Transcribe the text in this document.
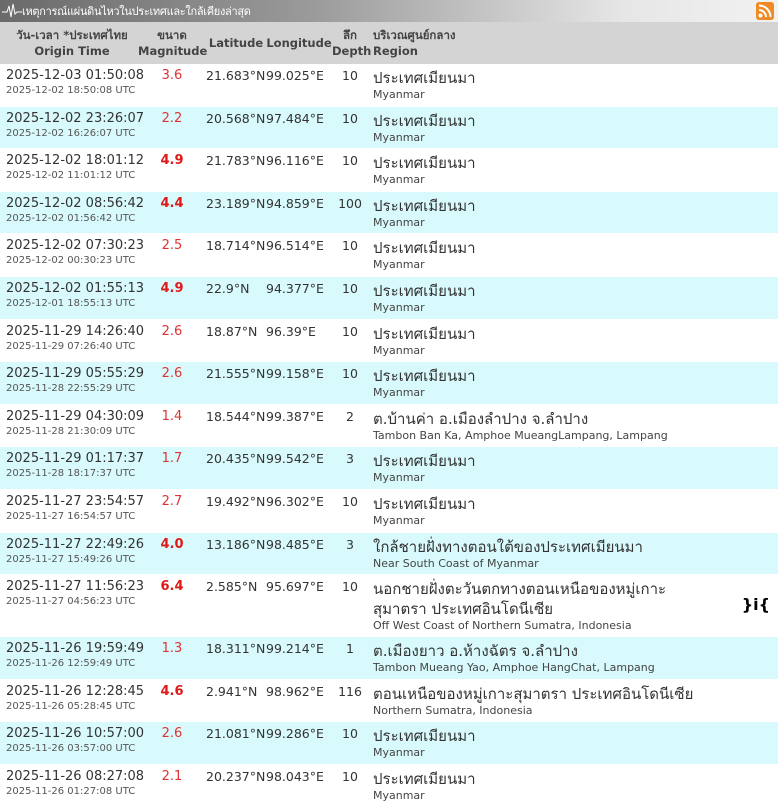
เหตุการณ์แผ่นดินไหวในประเทศและใกล้เคียงล่าสุด
วัน-เวลา *ประเทศไทย
Origin Time
ขนาด
Magnitude
Latitude Longitude
ลึก
Depth
บริเวณศูนย์กลาง
Region
2025-12-03 01:50:08
2025-12-02 18:50:08 UTC
3.6	21.683°N 99.025°E	10	ประเทศเมียนมา
Myanmar
2025-12-02 23:26:07
2025-12-02 16:26:07 UTC
2.2	20.568°N 97.484°E	10	ประเทศเมียนมา
Myanmar
2025-12-02 18:01:12
2025-12-02 11:01:12 UTC
4.9	21.783°N 96.116°E	10	ประเทศเมียนมา
Myanmar
2025-12-02 08:56:42
2025-12-02 01:56:42 UTC
4.4	23.189°N 94.859°E	100 ประเทศเมียนมา
Myanmar
2025-12-02 07:30:23
2025-12-02 00:30:23 UTC
2.5	18.714°N 96.514°E	10	ประเทศเมียนมา
Myanmar
2025-12-02 01:55:13
2025-12-01 18:55:13 UTC
4.9	22.9°N	94.377°E	10	ประเทศเมียนมา
Myanmar
2025-11-29 14:26:40
2025-11-29 07:26:40 UTC
2.6	18.87°N 96.39°E	10	ประเทศเมียนมา
Myanmar
2025-11-29 05:55:29
2025-11-28 22:55:29 UTC
2.6	21.555°N 99.158°E	10	ประเทศเมียนมา
Myanmar
2025-11-29 04:30:09
2025-11-28 21:30:09 UTC
1.4	18.544°N 99.387°E	2	ต.บ้านค่า อ.เมืองลำปาง จ.ลำปาง
Tambon Ban Ka, Amphoe MueangLampang, Lampang
2025-11-29 01:17:37
2025-11-28 18:17:37 UTC
1.7	20.435°N 99.542°E	3	ประเทศเมียนมา
Myanmar
2025-11-27 23:54:57
2025-11-27 16:54:57 UTC
2.7	19.492°N 96.302°E	10	ประเทศเมียนมา
Myanmar
2025-11-27 22:49:26
2025-11-27 15:49:26 UTC
4.0	13.186°N 98.485°E	3	ใกล้ชายฝั่งทางตอนใต้ของประเทศเมียนมา
Near South Coast of Myanmar
2025-11-27 11:56:23
2025-11-27 04:56:23 UTC
6.4	2.585°N 95.697°E	10	นอกชายฝั่งตะวันตกทางตอนเหนือของหมู่เกาะ สุมาตรา ประเทศอินโดนีเซีย
Off West Coast of Northern Sumatra, Indonesia
}i{
2025-11-26 19:59:49
2025-11-26 12:59:49 UTC
1.3	18.311°N 99.214°E	1	ต.เมืองยาว อ.ห้างฉัตร จ.ลำปาง
Tambon Mueang Yao, Amphoe HangChat, Lampang
2025-11-26 12:28:45
2025-11-26 05:28:45 UTC
4.6	2.941°N 98.962°E	116 ตอนเหนือของหมู่เกาะสุมาตรา ประเทศอินโดนีเซีย
Northern Sumatra, Indonesia
2025-11-26 10:57:00
2025-11-26 03:57:00 UTC
2.6	21.081°N 99.286°E	10	ประเทศเมียนมา
Myanmar
2025-11-26 08:27:08
2025-11-26 01:27:08 UTC
2.1	20.237°N 98.043°E	10	ประเทศเมียนมา
Myanmar
